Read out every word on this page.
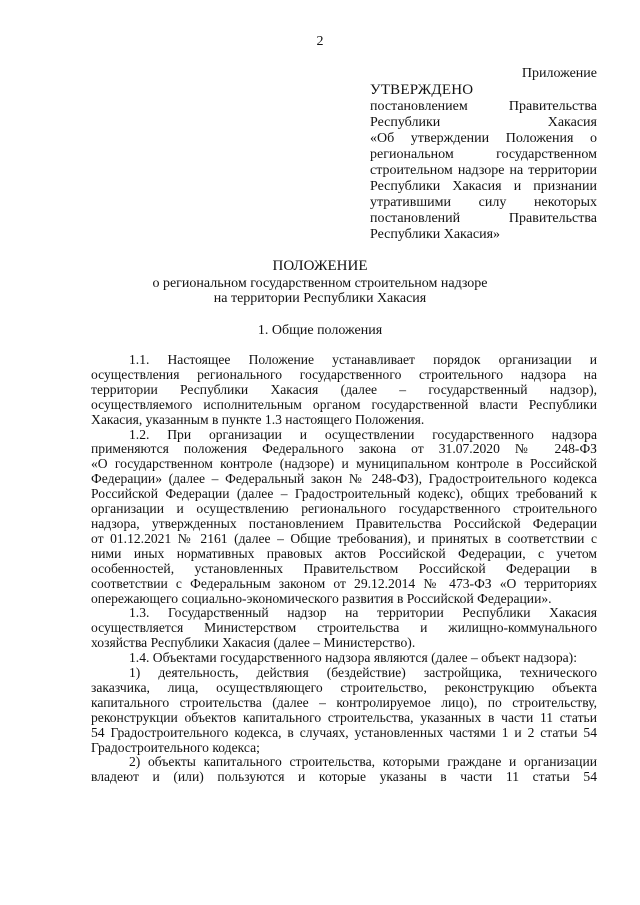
2
Приложение
УТВЕРЖДЕНО
постановлением Правительства
Республики Хакасия
«Об утверждении Положения о
региональном государственном
строительном надзоре на территории
Республики Хакасия и признании
утратившими силу некоторых
постановлений Правительства
Республики Хакасия»
ПОЛОЖЕНИЕ
о региональном государственном строительном надзоре
на территории Республики Хакасия
1. Общие положения

1.1. Настоящее Положение устанавливает порядок организации и
осуществления регионального государственного строительного надзора на
территории Республики Хакасия (далее – государственный надзор),
осуществляемого исполнительным органом государственной власти Республики
Хакасия, указанным в пункте 1.3 настоящего Положения.

1.2. При организации и осуществлении государственного надзора
применяются положения Федерального закона от 31.07.2020 № 248-ФЗ
«О государственном контроле (надзоре) и муниципальном контроле в Российской
Федерации» (далее – Федеральный закон № 248-ФЗ), Градостроительного кодекса
Российской Федерации (далее – Градостроительный кодекс), общих требований к
организации и осуществлению регионального государственного строительного
надзора, утвержденных постановлением Правительства Российской Федерации
от 01.12.2021 № 2161 (далее – Общие требования), и принятых в соответствии с
ними иных нормативных правовых актов Российской Федерации, с учетом
особенностей, установленных Правительством Российской Федерации в
соответствии с Федеральным законом от 29.12.2014 № 473-ФЗ «О территориях
опережающего социально-экономического развития в Российской Федерации».

1.3. Государственный надзор на территории Республики Хакасия
осуществляется Министерством строительства и жилищно-коммунального
хозяйства Республики Хакасия (далее – Министерство).

1.4. Объектами государственного надзора являются (далее – объект надзора):

1) деятельность, действия (бездействие) застройщика, технического
заказчика, лица, осуществляющего строительство, реконструкцию объекта
капитального строительства (далее – контролируемое лицо), по строительству,
реконструкции объектов капитального строительства, указанных в части 11 статьи
54 Градостроительного кодекса, в случаях, установленных частями 1 и 2 статьи 54
Градостроительного кодекса;

2) объекты капитального строительства, которыми граждане и организации
владеют и (или) пользуются и которые указаны в части 11 статьи 54
